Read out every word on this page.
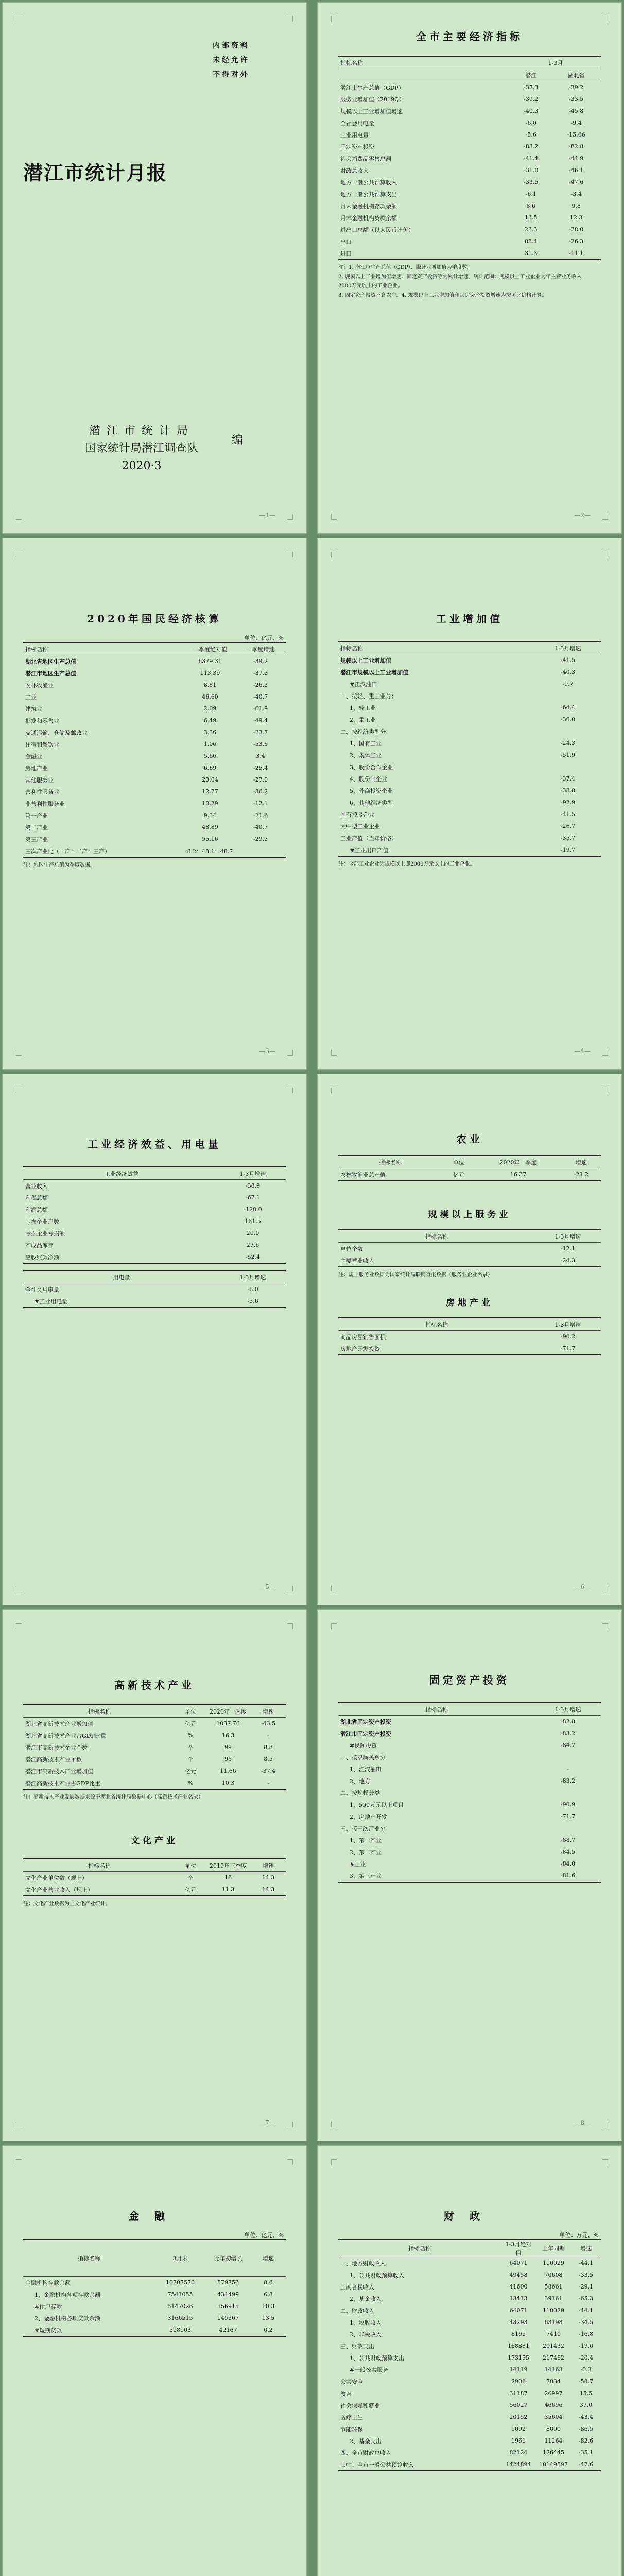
内部资料
未经允许
不得对外
潜江市统计月报
潜江市统计局
国家统计局潜江调查队
2020·3
编
—1—
全市主要经济指标
指标名称	1-3月	
	潜江	湖北省
潜江市生产总值（GDP）	-37.3	-39.2
服务业增加值（2019Q）	-39.2	-33.5
规模以上工业增加值增速	-40.3	-45.8
全社会用电量	-6.0	-9.4
工业用电量	-5.6	-15.66
固定资产投资	-83.2	-82.8
社会消费品零售总额	-41.4	-44.9
财政总收入	-31.0	-46.1
地方一般公共预算收入	-33.5	-47.6
地方一般公共预算支出	-6.1	-3.4
月末金融机构存款余额	8.6	9.8
月末金融机构贷款余额	13.5	12.3
进出口总额（以人民币计价）	23.3	-28.0
出口	88.4	-26.3
进口	31.3	-11.1
注：1. 潜江市生产总值（GDP）、服务业增加值为季度数。
2. 规模以上工业增加值增速、固定资产投资等为累计增速，统计范围：规模以上工业企业为年主营业务收入
2000万元以上的工业企业。
3. 固定资产投资不含农户。4. 规模以上工业增加值和固定资产投资增速为按可比价格计算。
—2—
2020年国民经济核算
单位：亿元、%
指标名称	一季度绝对值	一季度增速
湖北省地区生产总值	6379.31	-39.2
潜江市地区生产总值	113.39	-37.3
农林牧渔业	8.81	-26.3
工业	46.60	-40.7
建筑业	2.09	-61.9
批发和零售业	6.49	-49.4
交通运输、仓储及邮政业	3.36	-23.7
住宿和餐饮业	1.06	-53.6
金融业	5.66	3.4
房地产业	6.69	-25.4
其他服务业	23.04	-27.0
营利性服务业	12.77	-36.2
非营利性服务业	10.29	-12.1
第一产业	9.34	-21.6
第二产业	48.89	-40.7
第三产业	55.16	-29.3
三次产业比（一产：二产：三产）	8.2：43.1：48.7	
注：地区生产总值为季度数据。
—3—
工业增加值
指标名称	1-3月增速
规模以上工业增加值	-41.5
潜江市规模以上工业增加值	-40.3
#江汉油田	-9.7
一、按轻、重工业分：	
1、轻工业	-64.4
2、重工业	-36.0
二、按经济类型分：	
1、国有工业	-24.3
2、集体工业	-51.9
3、股份合作企业	
4、股份制企业	-37.4
5、外商投资企业	-38.8
6、其他经济类型	-92.9
国有控股企业	-41.5
大中型工业企业	-26.7
工业产值（当年价格）	-35.7
#工业出口产值	-19.7
注：全部工业企业为规模以上即2000万元以上的工业企业。
—4—
工业经济效益、用电量
工业经济效益	1-3月增速
营业收入	-38.9
利税总额	-67.1
利润总额	-120.0
亏损企业户数	161.5
亏损企业亏损额	20.0
产成品库存	27.6
应收账款净额	-52.4
用电量	1-3月增速
全社会用电量	-6.0
#工业用电量	-5.6
—5—
农业
指标名称	单位	2020年一季度	增速
农林牧渔业总产值	亿元	16.37	-21.2
规模以上服务业
指标名称	1-3月增速
单位个数	-12.1
主要营业收入	-24.3
注：规上服务业数据为国家统计局联网直报数据（服务业企业名录）
房地产业
指标名称	1-3月增速
商品房屋销售面积	-90.2
房地产开发投资	-71.7
—6—
高新技术产业
指标名称	单位	2020年一季度	增速
湖北省高新技术产业增加值	亿元	1037.76	-43.5
湖北省高新技术产业占GDP比重	%	16.3	-
潜江市高新技术企业个数	个	99	8.8
潜江高新技术产业个数	个	96	8.5
潜江市高新技术产业增加值	亿元	11.66	-37.4
潜江高新技术产业占GDP比重	%	10.3	-
注：高新技术产业发展数据来源于湖北省统计局数据中心（高新技术产业名录）
文化产业
指标名称	单位	2019年三季度	增速
文化产业单位数（规上）	个	16	14.3
文化产业营业收入（规上）	亿元	11.3	14.3
注：文化产业数据为上文化产业统计。
—7—
固定资产投资
指标名称	1-3月增速
湖北省固定资产投资	-82.8
潜江市固定资产投资	-83.2
#民间投资	-84.7
一、按隶属关系分	
1、江汉油田	-
2、地方	-83.2
二、按规模分类	
1、500万元以上项目	-90.9
2、房地产开发	-71.7
三、按三次产业分	
1、第一产业	-88.7
2、第二产业	-84.5
#工业	-84.0
3、第三产业	-81.6
—8—
金融
单位：亿元、%
指标名称	3月末	比年初增长	增速
金融机构存款余额	10707570	579756	8.6
1、金融机构各项存款余额	7541055	434499	6.8
#住户存款	5147026	356915	10.3
2、金融机构各项贷款余额	3166515	145367	13.5
#短期贷款	598103	42167	0.2
财政
单位：万元、%
指标名称	1-3月绝对值	上年同期	增速
一、地方财政收入	64071	110029	-44.1
1、公共财政预算收入	49458	70608	-33.5
工商各税收入	41600	58661	-29.1
2、基金收入	13413	39161	-65.3
二、财政收入	64071	110029	-44.1
1、税收收入	43293	63198	-34.5
2、非税收入	6165	7410	-16.8
三、财政支出	168881	201432	-17.0
1、公共财政预算支出	173155	217462	-20.4
#一般公共服务	14119	14163	-0.3
公共安全	2906	7034	-58.7
教育	31187	26997	15.5
社会保障和就业	56027	46696	37.0
医疗卫生	20152	35604	-43.4
节能环保	1092	8090	-86.5
2、基金支出	1961	11264	-82.6
四、全市财政总收入	82124	126445	-35.1
其中：全市一般公共预算收入	1424894	10149597	-47.6
